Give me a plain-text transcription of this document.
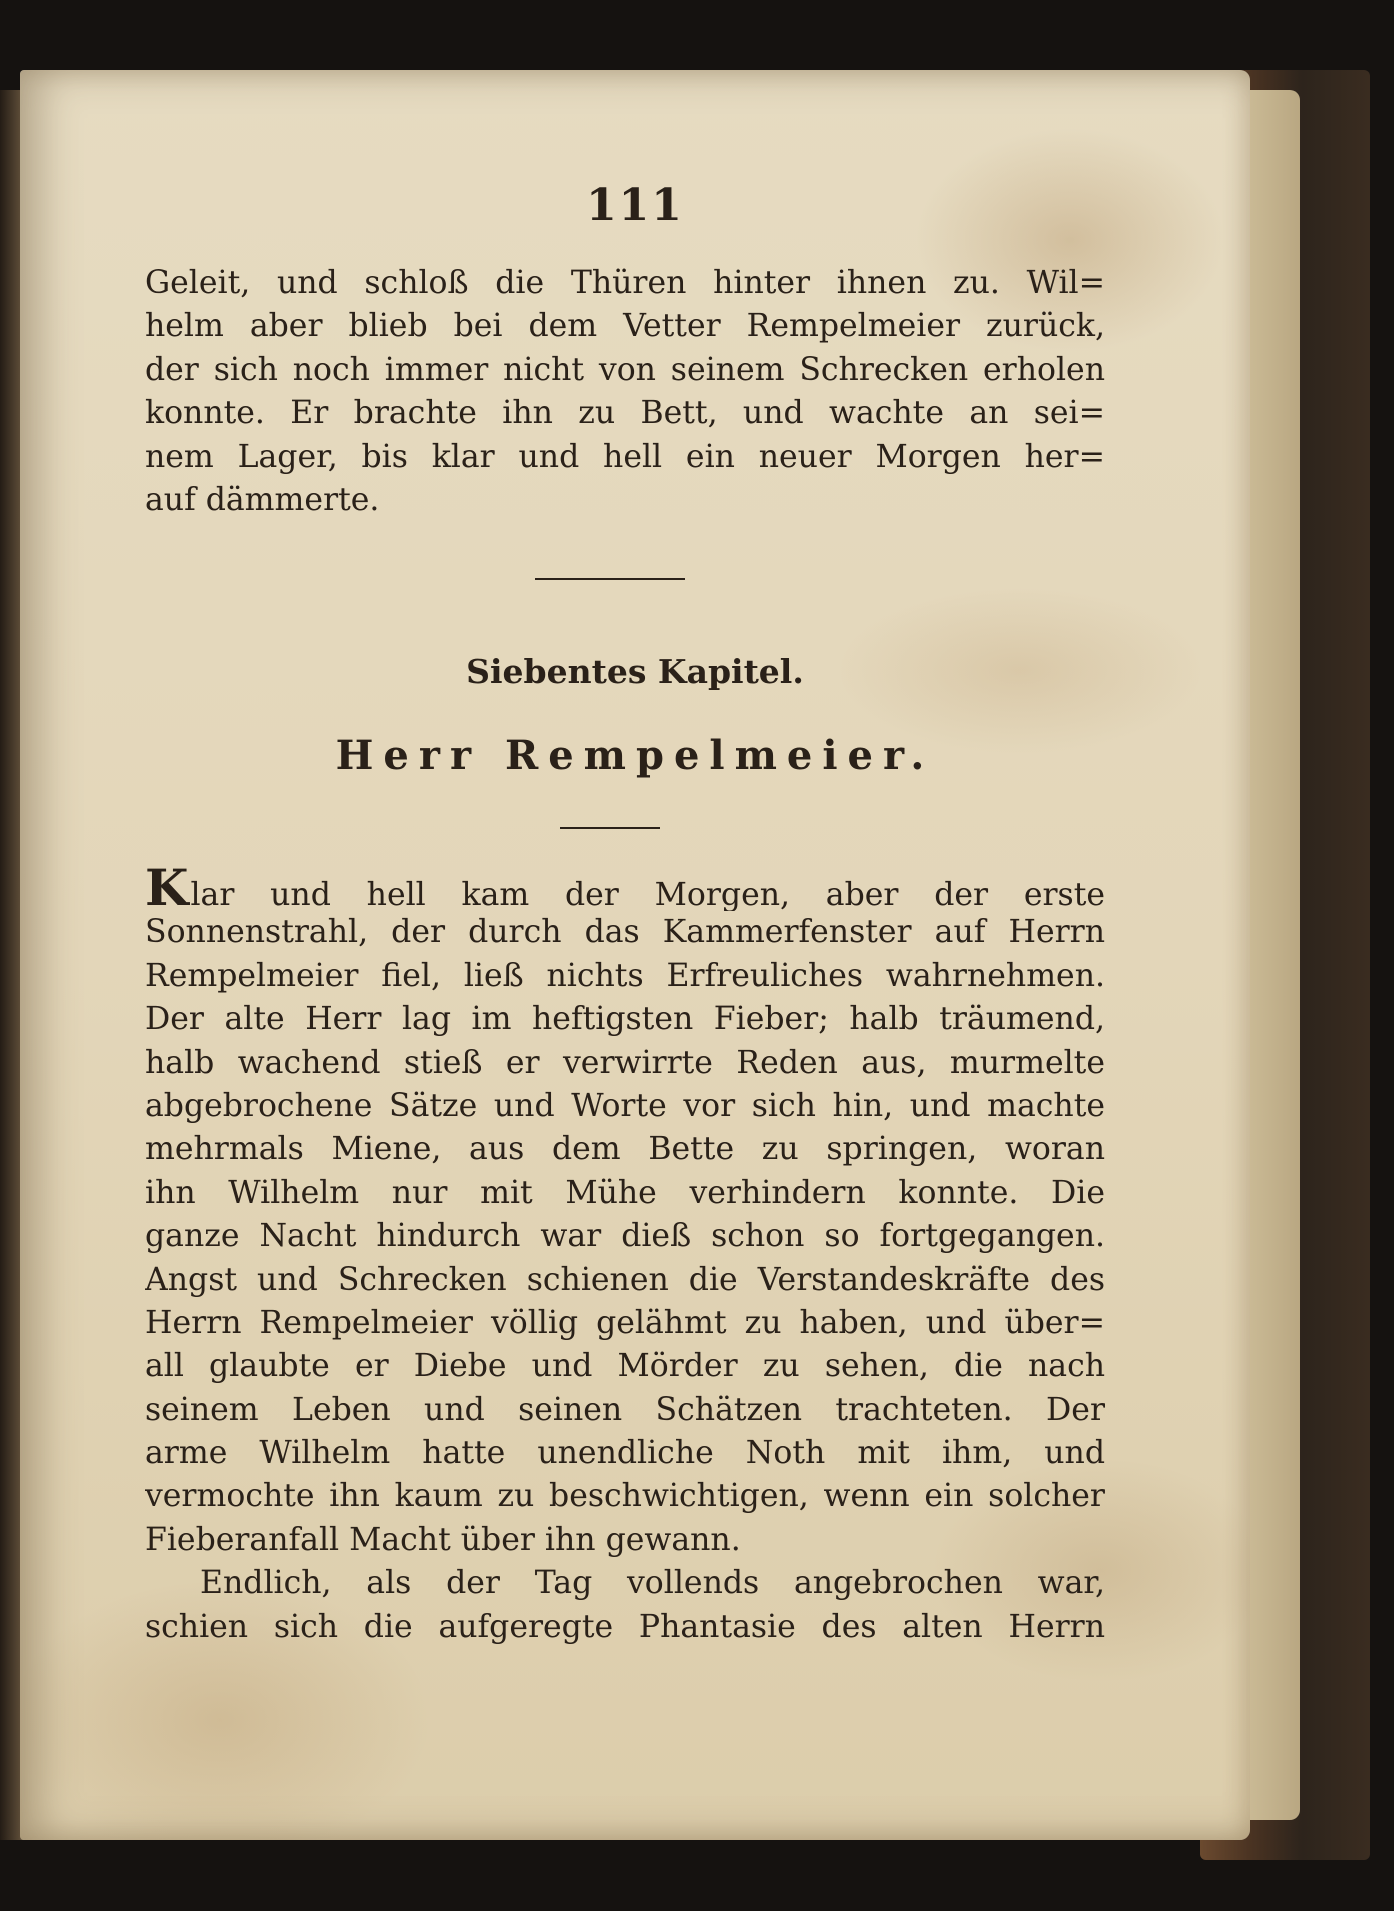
111
Geleit, und schloß die Thüren hinter ihnen zu. Wil=
helm aber blieb bei dem Vetter Rempelmeier zurück,
der sich noch immer nicht von seinem Schrecken erholen
konnte. Er brachte ihn zu Bett, und wachte an sei=
nem Lager, bis klar und hell ein neuer Morgen her=
auf dämmerte.
Siebentes Kapitel.
Herr Rempelmeier.
Klar und hell kam der Morgen, aber der erste
Sonnenstrahl, der durch das Kammerfenster auf Herrn
Rempelmeier fiel, ließ nichts Erfreuliches wahrnehmen.
Der alte Herr lag im heftigsten Fieber; halb träumend,
halb wachend stieß er verwirrte Reden aus, murmelte
abgebrochene Sätze und Worte vor sich hin, und machte
mehrmals Miene, aus dem Bette zu springen, woran
ihn Wilhelm nur mit Mühe verhindern konnte. Die
ganze Nacht hindurch war dieß schon so fortgegangen.
Angst und Schrecken schienen die Verstandeskräfte des
Herrn Rempelmeier völlig gelähmt zu haben, und über=
all glaubte er Diebe und Mörder zu sehen, die nach
seinem Leben und seinen Schätzen trachteten. Der
arme Wilhelm hatte unendliche Noth mit ihm, und
vermochte ihn kaum zu beschwichtigen, wenn ein solcher
Fieberanfall Macht über ihn gewann.
Endlich, als der Tag vollends angebrochen war,
schien sich die aufgeregte Phantasie des alten Herrn
